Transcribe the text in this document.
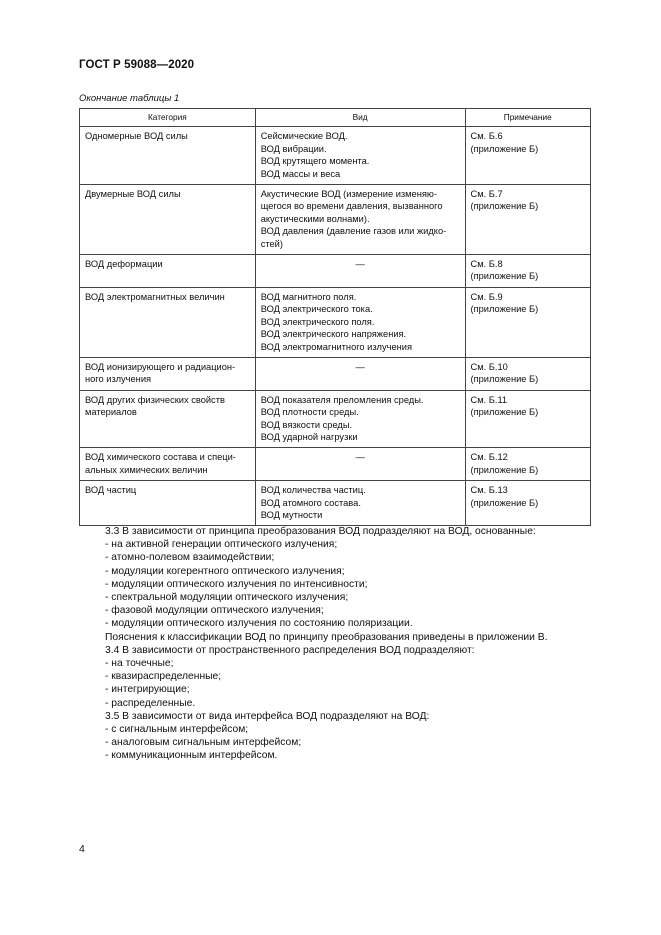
ГОСТ Р 59088—2020
Окончание таблицы 1
Категория	Вид	Примечание

Одномерные ВОД силы	Сейсмические ВОД.
ВОД вибрации.
ВОД крутящего момента.
ВОД массы и веса	См. Б.6
(приложение Б)

Двумерные ВОД силы	Акустические ВОД (измерение изменяю-
щегося во времени давления, вызванного
акустическими волнами).
ВОД давления (давление газов или жидко-
стей)	См. Б.7
(приложение Б)

ВОД деформации	—	См. Б.8
(приложение Б)

ВОД электромагнитных величин	ВОД магнитного поля.
ВОД электрического тока.
ВОД электрического поля.
ВОД электрического напряжения.
ВОД электромагнитного излучения	См. Б.9
(приложение Б)

ВОД ионизирующего и радиацион-
ного излучения	—	См. Б.10
(приложение Б)

ВОД других физических свойств
материалов	ВОД показателя преломления среды.
ВОД плотности среды.
ВОД вязкости среды.
ВОД ударной нагрузки	См. Б.11
(приложение Б)

ВОД химического состава и специ-
альных химических величин	—	См. Б.12
(приложение Б)

ВОД частиц	ВОД количества частиц.
ВОД атомного состава.
ВОД мутности	См. Б.13
(приложение Б)
3.3 В зависимости от принципа преобразования ВОД подразделяют на ВОД, основанные:
- на активной генерации оптического излучения;
- атомно-полевом взаимодействии;
- модуляции когерентного оптического излучения;
- модуляции оптического излучения по интенсивности;
- спектральной модуляции оптического излучения;
- фазовой модуляции оптического излучения;
- модуляции оптического излучения по состоянию поляризации.
Пояснения к классификации ВОД по принципу преобразования приведены в приложении В.
3.4 В зависимости от пространственного распределения ВОД подразделяют:
- на точечные;
- квазираспределенные;
- интегрирующие;
- распределенные.
3.5 В зависимости от вида интерфейса ВОД подразделяют на ВОД:
- с сигнальным интерфейсом;
- аналоговым сигнальным интерфейсом;
- коммуникационным интерфейсом.
4
